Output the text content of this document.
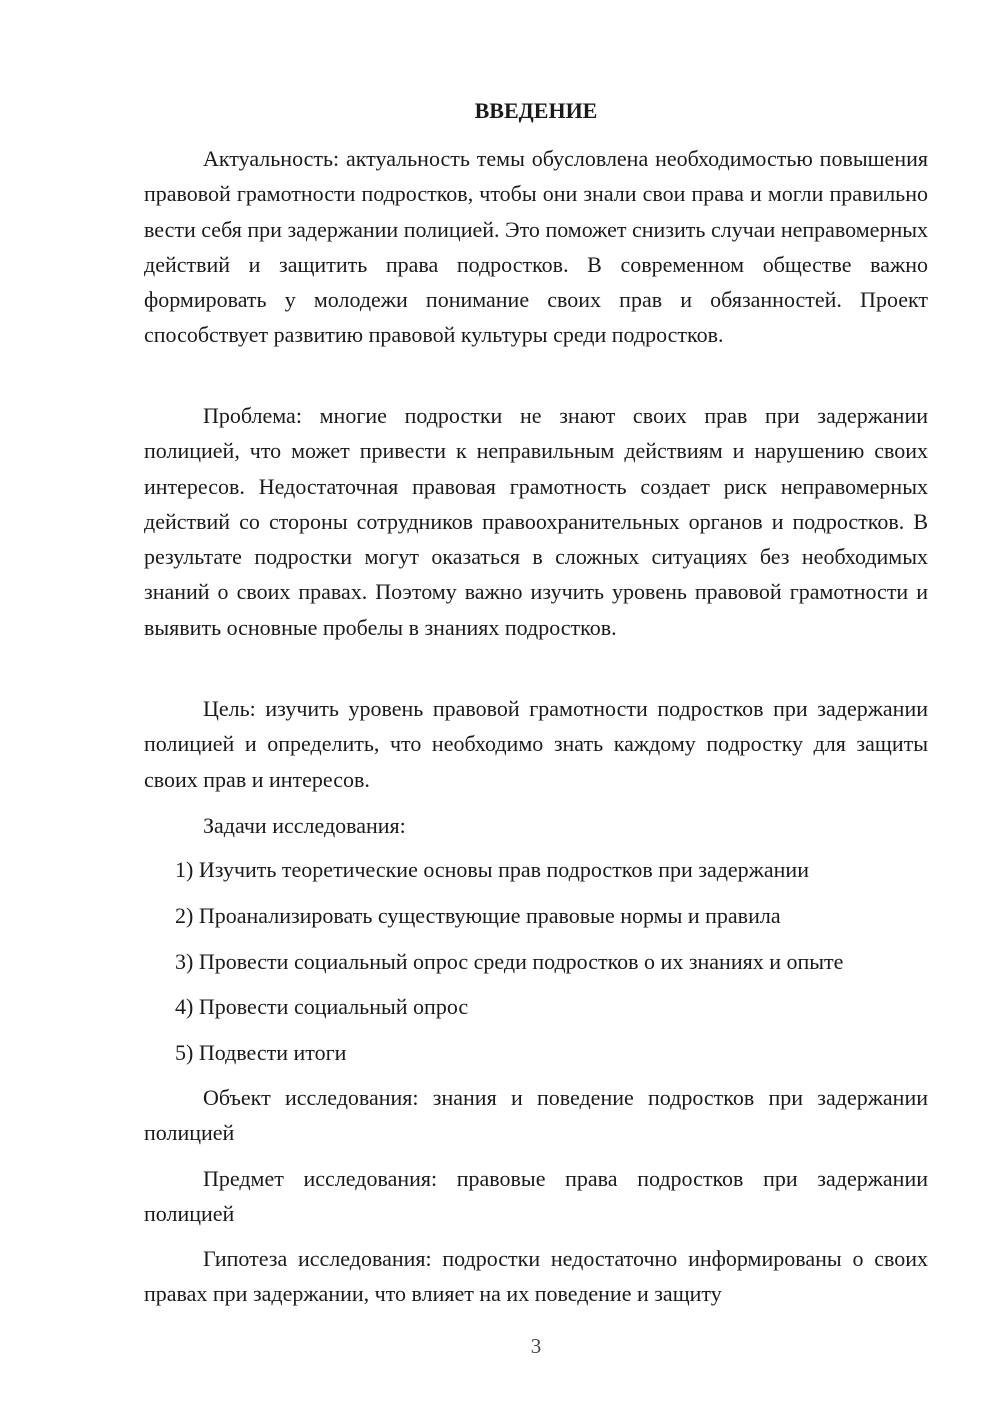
ВВЕДЕНИЕ

Актуальность: актуальность темы обусловлена необходимостью повышения правовой грамотности подростков, чтобы они знали свои права и могли правильно вести себя при задержании полицией. Это поможет снизить случаи неправомерных действий и защитить права подростков. В современном обществе важно формировать у молодежи понимание своих прав и обязанностей. Проект способствует развитию правовой культуры среди подростков.

Проблема: многие подростки не знают своих прав при задержании полицией, что может привести к неправильным действиям и нарушению своих интересов. Недостаточная правовая грамотность создает риск неправомерных действий со стороны сотрудников правоохранительных органов и подростков. В результате подростки могут оказаться в сложных ситуациях без необходимых знаний о своих правах. Поэтому важно изучить уровень правовой грамотности и выявить основные пробелы в знаниях подростков.

Цель: изучить уровень правовой грамотности подростков при задержании полицией и определить, что необходимо знать каждому подростку для защиты своих прав и интересов.

Задачи исследования:

1) Изучить теоретические основы прав подростков при задержании

2) Проанализировать существующие правовые нормы и правила

3) Провести социальный опрос среди подростков о их знаниях и опыте

4) Провести социальный опрос

5) Подвести итоги

Объект исследования: знания и поведение подростков при задержании полицией

Предмет исследования: правовые права подростков при задержании полицией

Гипотеза исследования: подростки недостаточно информированы о своих правах при задержании, что влияет на их поведение и защиту

3
